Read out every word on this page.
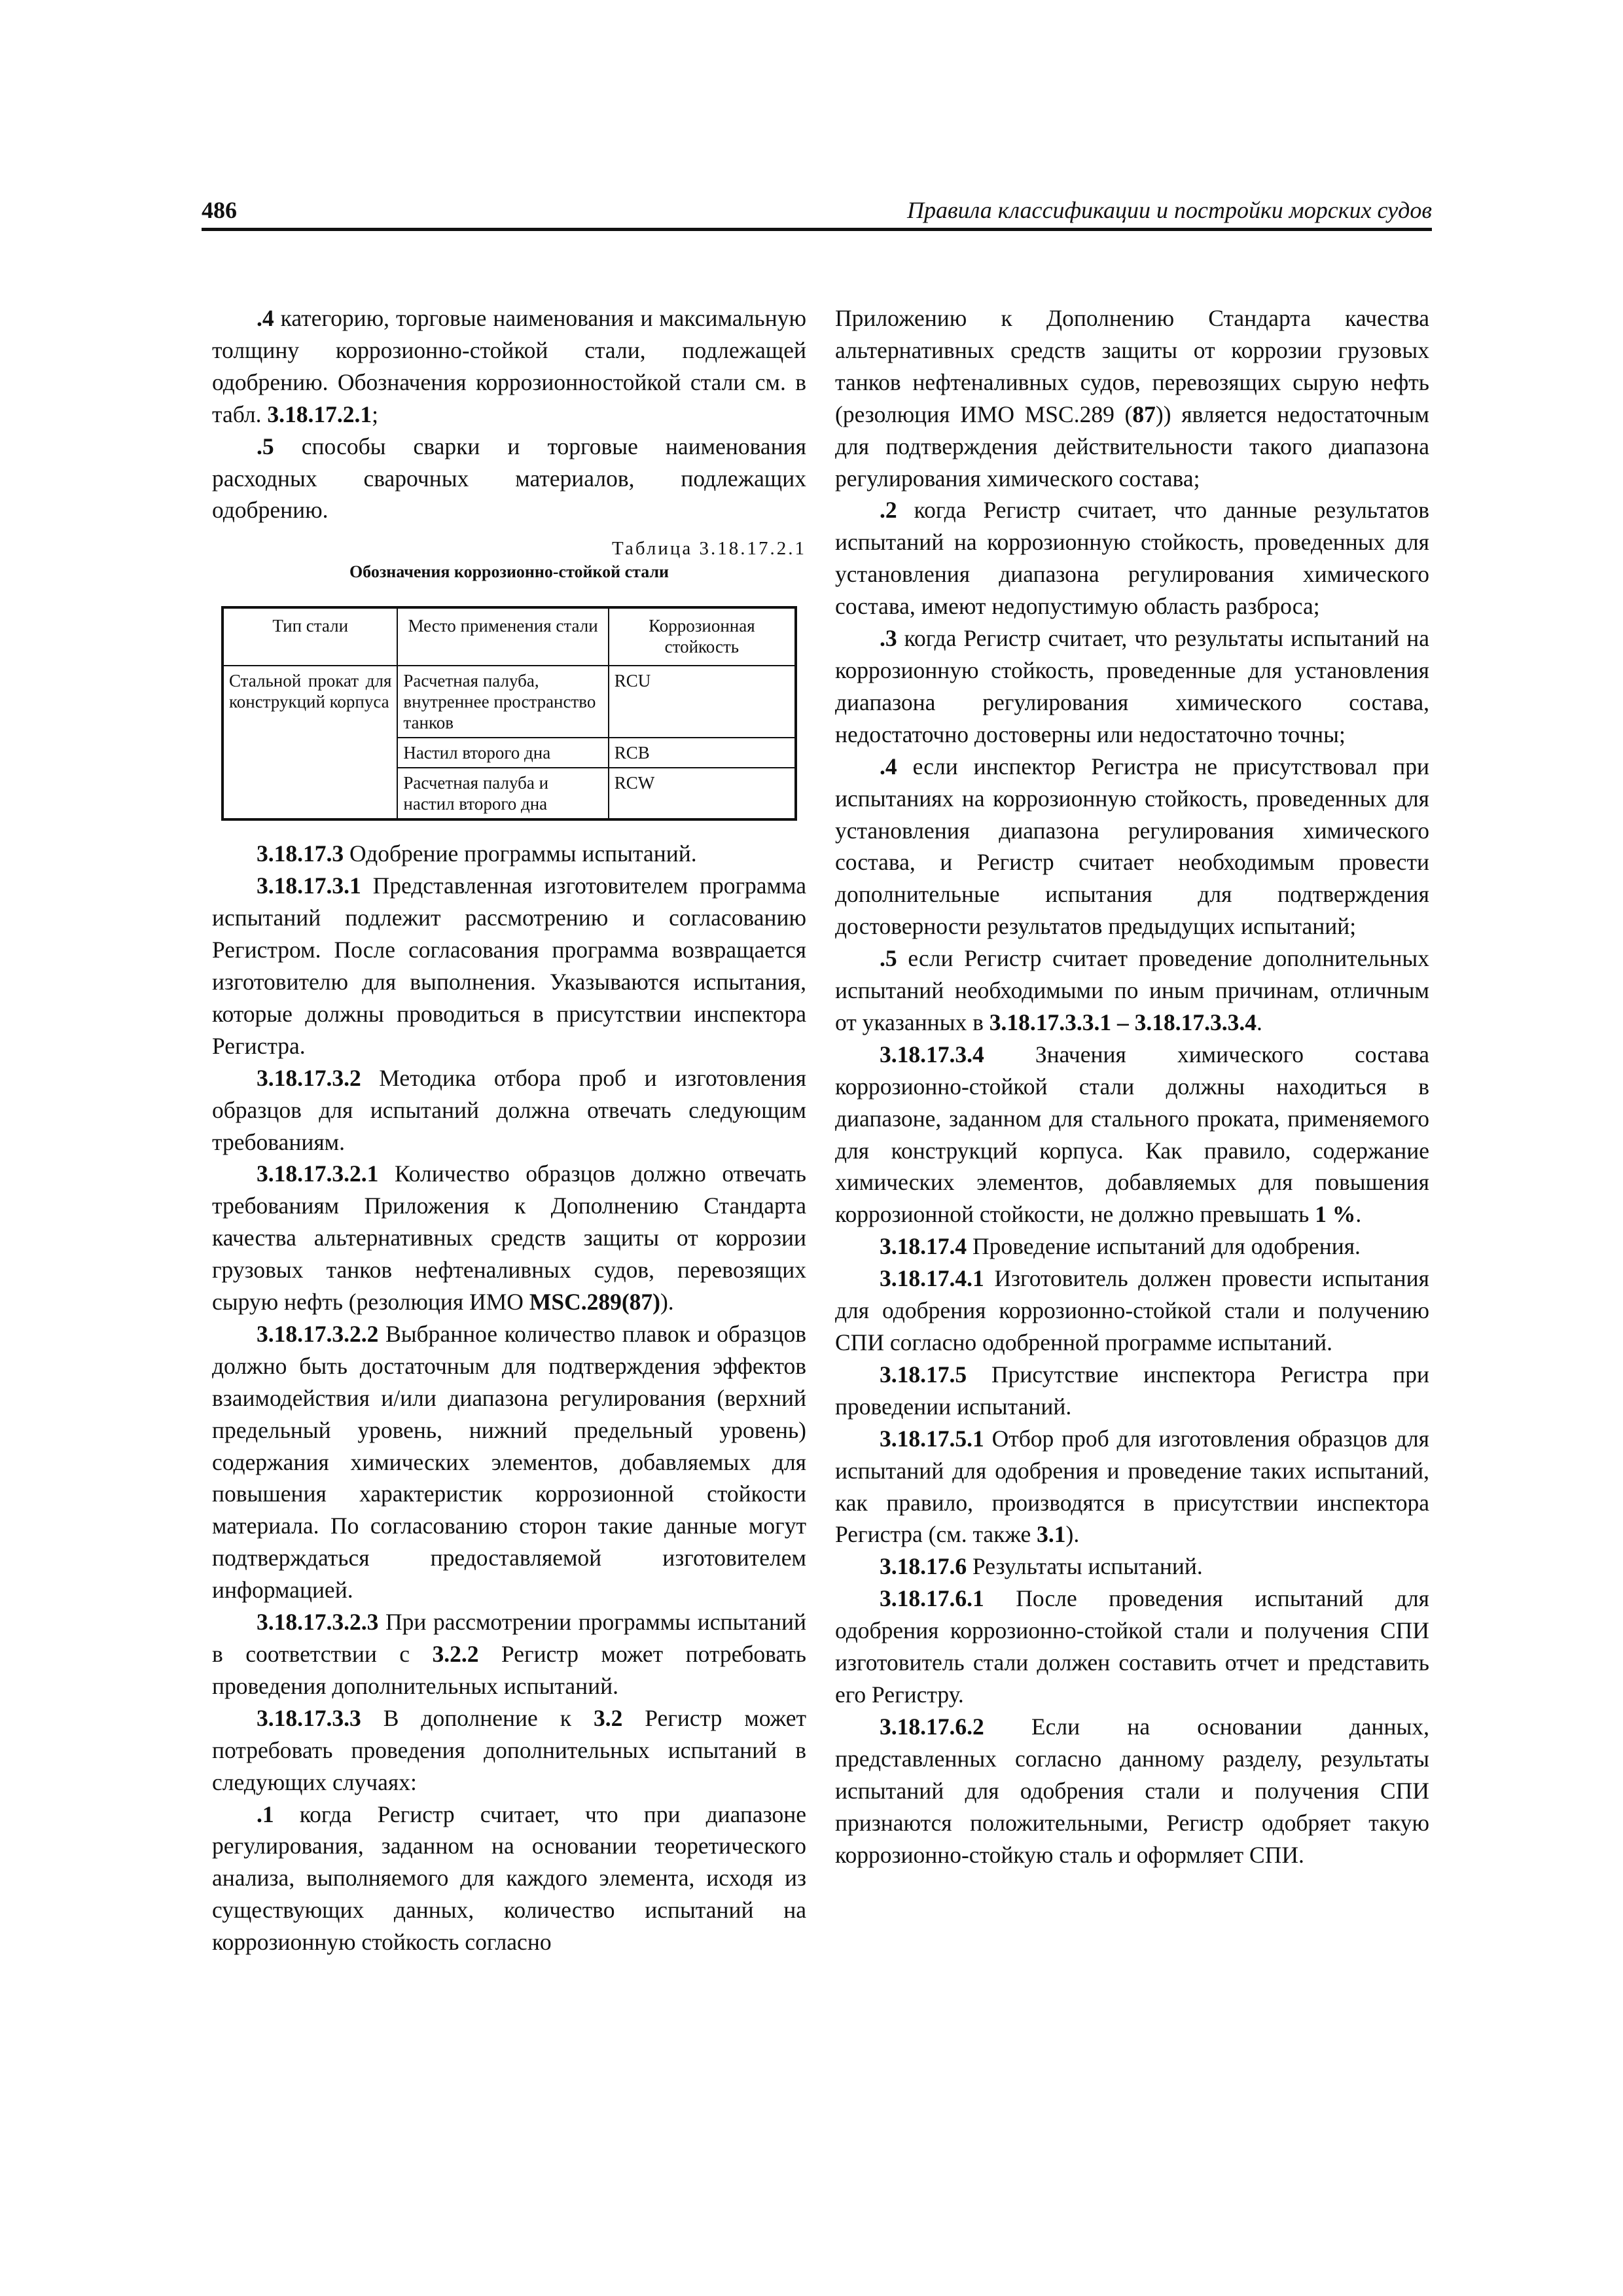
486	Правила классификации и постройки морских судов

.4 категорию, торговые наименования и максимальную толщину коррозионно-стойкой стали, подлежащей одобрению. Обозначения коррозионностойкой стали см. в табл. 3.18.17.2.1;

.5 способы сварки и торговые наименования расходных сварочных материалов, подлежащих одобрению.

Таблица 3.18.17.2.1
Обозначения коррозионно-стойкой стали
Тип стали	Место применения стали	Коррозионная стойкость
Стальной прокат для конструкций корпуса	Расчетная палуба, внутреннее пространство танков	RCU
	Настил второго дна	RCB
	Расчетная палуба и настил второго дна	RCW

3.18.17.3 Одобрение программы испытаний.

3.18.17.3.1 Представленная изготовителем программа испытаний подлежит рассмотрению и согласованию Регистром. После согласования программа возвращается изготовителю для выполнения. Указываются испытания, которые должны проводиться в присутствии инспектора Регистра.

3.18.17.3.2 Методика отбора проб и изготовления образцов для испытаний должна отвечать следующим требованиям.

3.18.17.3.2.1 Количество образцов должно отвечать требованиям Приложения к Дополнению Стандарта качества альтернативных средств защиты от коррозии грузовых танков нефтеналивных судов, перевозящих сырую нефть (резолюция ИМО MSC.289(87)).

3.18.17.3.2.2 Выбранное количество плавок и образцов должно быть достаточным для подтверждения эффектов взаимодействия и/или диапазона регулирования (верхний предельный уровень, нижний предельный уровень) содержания химических элементов, добавляемых для повышения характеристик коррозионной стойкости материала. По согласованию сторон такие данные могут подтверждаться предоставляемой изготовителем информацией.

3.18.17.3.2.3 При рассмотрении программы испытаний в соответствии с 3.2.2 Регистр может потребовать проведения дополнительных испытаний.

3.18.17.3.3 В дополнение к 3.2 Регистр может потребовать проведения дополнительных испытаний в следующих случаях:

.1 когда Регистр считает, что при диапазоне регулирования, заданном на основании теоретического анализа, выполняемого для каждого элемента, исходя из существующих данных, количество испытаний на коррозионную стойкость согласно

Приложению к Дополнению Стандарта качества альтернативных средств защиты от коррозии грузовых танков нефтеналивных судов, перевозящих сырую нефть (резолюция ИМО MSC.289 (87)) является недостаточным для подтверждения действительности такого диапазона регулирования химического состава;

.2 когда Регистр считает, что данные результатов испытаний на коррозионную стойкость, проведенных для установления диапазона регулирования химического состава, имеют недопустимую область разброса;

.3 когда Регистр считает, что результаты испытаний на коррозионную стойкость, проведенные для установления диапазона регулирования химического состава, недостаточно достоверны или недостаточно точны;

.4 если инспектор Регистра не присутствовал при испытаниях на коррозионную стойкость, проведенных для установления диапазона регулирования химического состава, и Регистр считает необходимым провести дополнительные испытания для подтверждения достоверности результатов предыдущих испытаний;

.5 если Регистр считает проведение дополнительных испытаний необходимыми по иным причинам, отличным от указанных в 3.18.17.3.3.1 – 3.18.17.3.3.4.

3.18.17.3.4 Значения химического состава коррозионно-стойкой стали должны находиться в диапазоне, заданном для стального проката, применяемого для конструкций корпуса. Как правило, содержание химических элементов, добавляемых для повышения коррозионной стойкости, не должно превышать 1 %.

3.18.17.4 Проведение испытаний для одобрения.

3.18.17.4.1 Изготовитель должен провести испытания для одобрения коррозионно-стойкой стали и получению СПИ согласно одобренной программе испытаний.

3.18.17.5 Присутствие инспектора Регистра при проведении испытаний.

3.18.17.5.1 Отбор проб для изготовления образцов для испытаний для одобрения и проведение таких испытаний, как правило, производятся в присутствии инспектора Регистра (см. также 3.1).

3.18.17.6 Результаты испытаний.

3.18.17.6.1 После проведения испытаний для одобрения коррозионно-стойкой стали и получения СПИ изготовитель стали должен составить отчет и представить его Регистру.

3.18.17.6.2 Если на основании данных, представленных согласно данному разделу, результаты испытаний для одобрения стали и получения СПИ признаются положительными, Регистр одобряет такую коррозионно-стойкую сталь и оформляет СПИ.
